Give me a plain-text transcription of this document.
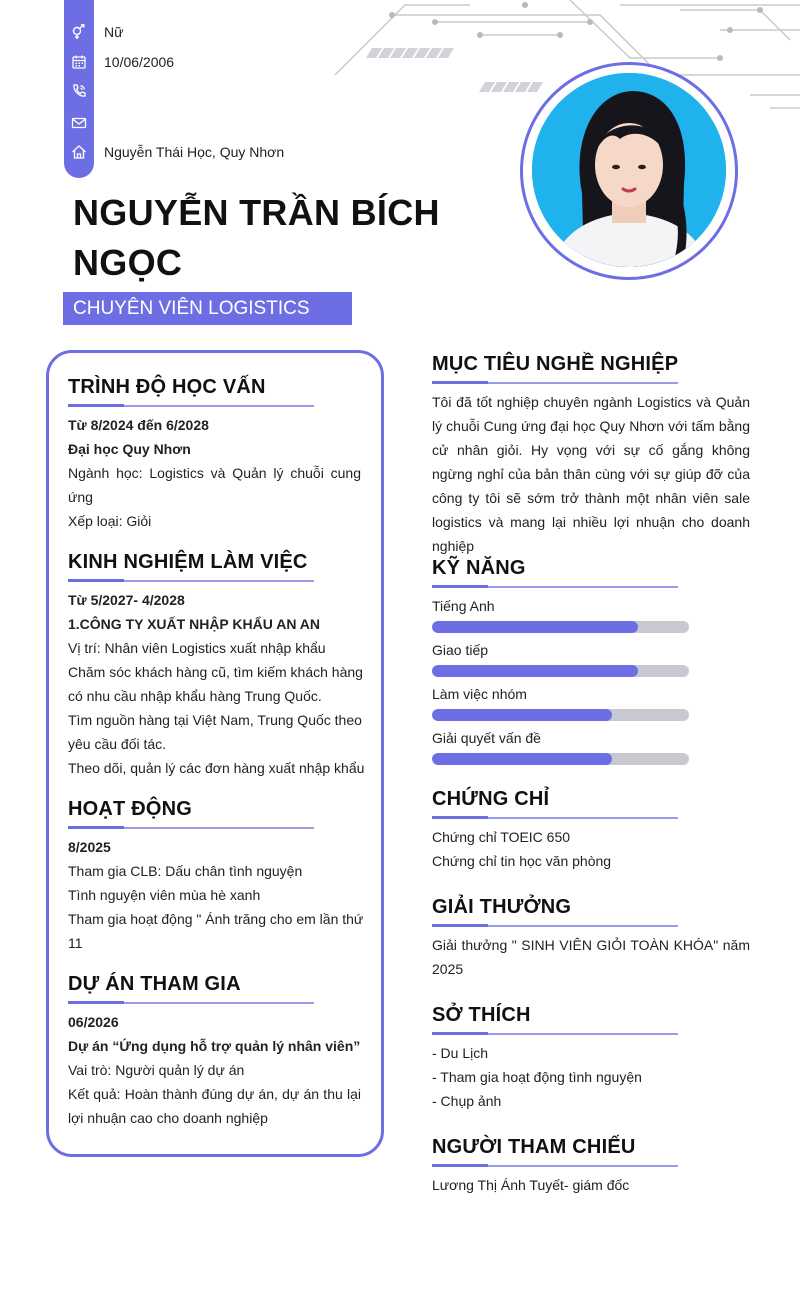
Nữ
10/06/2006
Nguyễn Thái Học, Quy Nhơn
NGUYỄN TRẦN BÍCH
NGỌC
CHUYÊN VIÊN LOGISTICS
TRÌNH ĐỘ HỌC VẤN
Từ 8/2024 đến 6/2028
Đại học Quy Nhơn
Ngành học: Logistics và Quản lý chuỗi cung ứng
Xếp loại: Giỏi
KINH NGHIỆM LÀM VIỆC
Từ 5/2027- 4/2028
1.CÔNG TY XUẤT NHẬP KHẨU AN AN
Vị trí: Nhân viên Logistics xuất nhập khẩu
Chăm sóc khách hàng cũ, tìm kiếm khách hàng có nhu cầu nhập khẩu hàng Trung Quốc.
Tìm nguồn hàng tại Việt Nam, Trung Quốc theo yêu cầu đối tác.
Theo dõi, quản lý các đơn hàng xuất nhập khẩu
HOẠT ĐỘNG
8/2025
Tham gia CLB: Dấu chân tình nguyện
Tình nguyện viên mùa hè xanh
Tham gia hoạt động " Ánh trăng cho em lần thứ 11
DỰ ÁN THAM GIA
06/2026
Dự án “Ứng dụng hỗ trợ quản lý nhân viên”
Vai trò: Người quản lý dự án
Kết quả: Hoàn thành đúng dự án, dự án thu lại lợi nhuận cao cho doanh nghiệp
MỤC TIÊU NGHỀ NGHIỆP
Tôi đã tốt nghiệp chuyên ngành Logistics và Quản lý chuỗi Cung ứng đại học Quy Nhơn với tấm bằng cử nhân giỏi. Hy vọng với sự cố gắng không ngừng nghỉ của bản thân cùng với sự giúp đỡ của công ty tôi sẽ sớm trở thành một nhân viên sale logistics và mang lại nhiều lợi nhuận cho doanh nghiệp
KỸ NĂNG
Tiếng Anh
Giao tiếp
Làm việc nhóm
Giải quyết vấn đề
CHỨNG CHỈ
Chứng chỉ TOEIC 650
Chứng chỉ tin học văn phòng
GIẢI THƯỞNG
Giải thưởng " SINH VIÊN GIỎI TOÀN KHÓA" năm 2025
SỞ THÍCH
- Du Lịch
- Tham gia hoạt động tình nguyện
- Chụp ảnh
NGƯỜI THAM CHIẾU
Lương Thị Ánh Tuyết- giám đốc
